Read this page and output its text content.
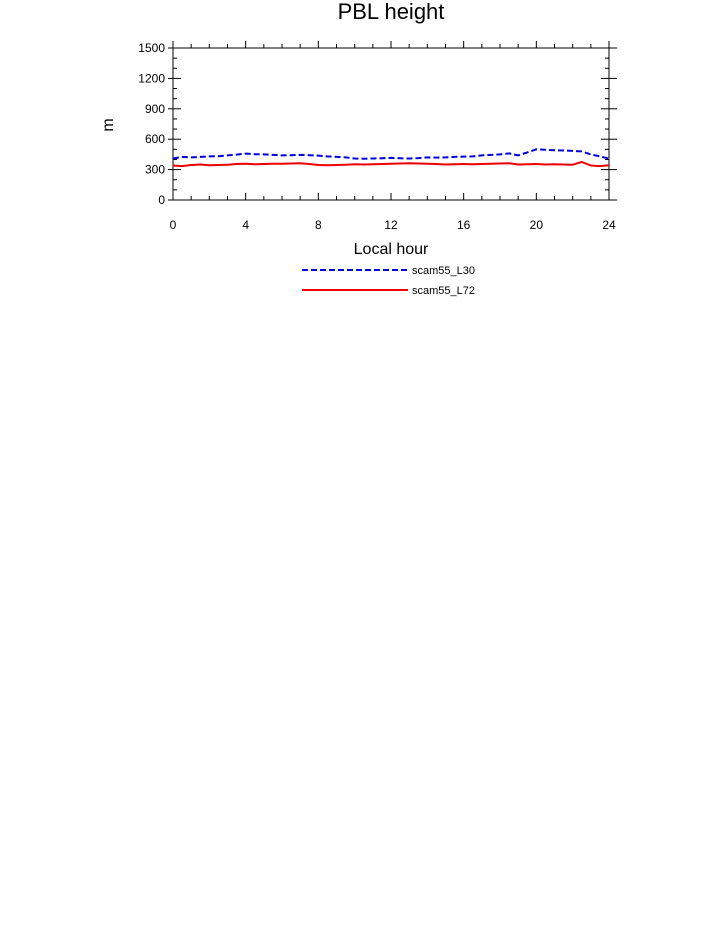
PBL height
m
Local hour
0	4	8	12	16	20	24
0
300
600
900
1200
1500
scam55_L30
scam55_L72
